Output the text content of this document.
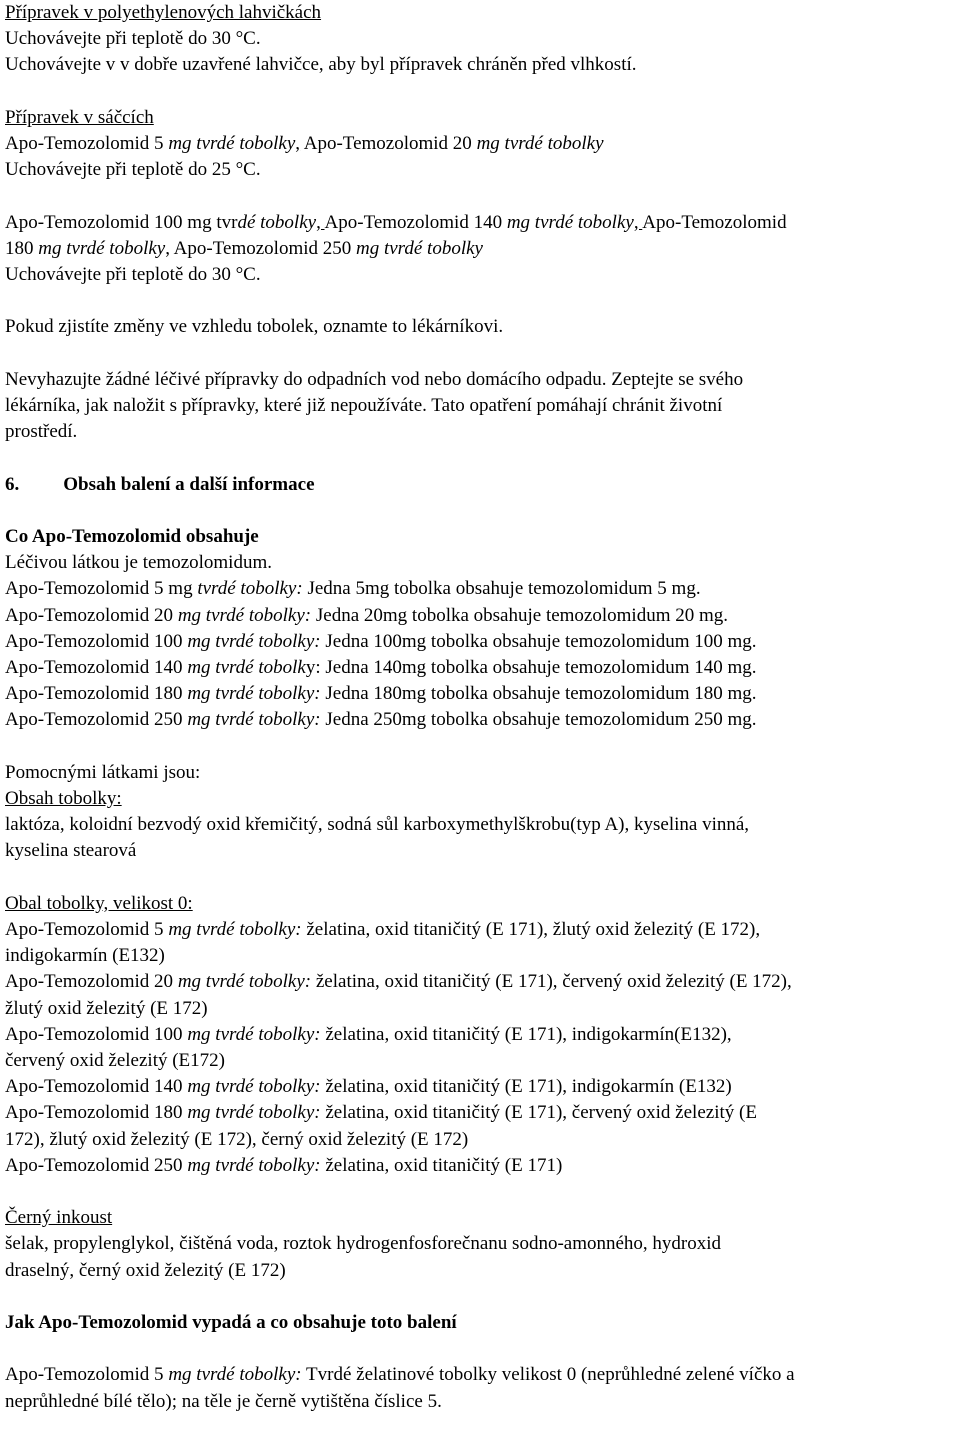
Přípravek v polyethylenových lahvičkách
Uchovávejte při teplotě do 30 °C.
Uchovávejte v v dobře uzavřené lahvičce, aby byl přípravek chráněn před vlhkostí.
Přípravek v sáčcích
Apo-Temozolomid 5 mg tvrdé tobolky, Apo-Temozolomid 20 mg tvrdé tobolky
Uchovávejte při teplotě do 25 °C.
Apo-Temozolomid 100 mg tvrdé tobolky, Apo-Temozolomid 140 mg tvrdé tobolky, Apo-Temozolomid
180 mg tvrdé tobolky, Apo-Temozolomid 250 mg tvrdé tobolky
Uchovávejte při teplotě do 30 °C.
Pokud zjistíte změny ve vzhledu tobolek, oznamte to lékárníkovi.
Nevyhazujte žádné léčivé přípravky do odpadních vod nebo domácího odpadu. Zeptejte se svého
lékárníka, jak naložit s přípravky, které již nepoužíváte. Tato opatření pomáhají chránit životní
prostředí.
6. Obsah balení a další informace
Co Apo-Temozolomid obsahuje
Léčivou látkou je temozolomidum.
Apo-Temozolomid 5 mg tvrdé tobolky: Jedna 5mg tobolka obsahuje temozolomidum 5 mg.
Apo-Temozolomid 20 mg tvrdé tobolky: Jedna 20mg tobolka obsahuje temozolomidum 20 mg.
Apo-Temozolomid 100 mg tvrdé tobolky: Jedna 100mg tobolka obsahuje temozolomidum 100 mg.
Apo-Temozolomid 140 mg tvrdé tobolky: Jedna 140mg tobolka obsahuje temozolomidum 140 mg.
Apo-Temozolomid 180 mg tvrdé tobolky: Jedna 180mg tobolka obsahuje temozolomidum 180 mg.
Apo-Temozolomid 250 mg tvrdé tobolky: Jedna 250mg tobolka obsahuje temozolomidum 250 mg.
Pomocnými látkami jsou:
Obsah tobolky:
laktóza, koloidní bezvodý oxid křemičitý, sodná sůl karboxymethylškrobu(typ A), kyselina vinná,
kyselina stearová
Obal tobolky, velikost 0:
Apo-Temozolomid 5 mg tvrdé tobolky: želatina, oxid titaničitý (E 171), žlutý oxid železitý (E 172),
indigokarmín (E132)
Apo-Temozolomid 20 mg tvrdé tobolky: želatina, oxid titaničitý (E 171), červený oxid železitý (E 172),
žlutý oxid železitý (E 172)
Apo-Temozolomid 100 mg tvrdé tobolky: želatina, oxid titaničitý (E 171), indigokarmín(E132),
červený oxid železitý (E172)
Apo-Temozolomid 140 mg tvrdé tobolky: želatina, oxid titaničitý (E 171), indigokarmín (E132)
Apo-Temozolomid 180 mg tvrdé tobolky: želatina, oxid titaničitý (E 171), červený oxid železitý (E
172), žlutý oxid železitý (E 172), černý oxid železitý (E 172)
Apo-Temozolomid 250 mg tvrdé tobolky: želatina, oxid titaničitý (E 171)
Černý inkoust
šelak, propylenglykol, čištěná voda, roztok hydrogenfosforečnanu sodno-amonného, hydroxid
draselný, černý oxid železitý (E 172)
Jak Apo-Temozolomid vypadá a co obsahuje toto balení
Apo-Temozolomid 5 mg tvrdé tobolky: Tvrdé želatinové tobolky velikost 0 (neprůhledné zelené víčko a
neprůhledné bílé tělo); na těle je černě vytištěna číslice 5.
